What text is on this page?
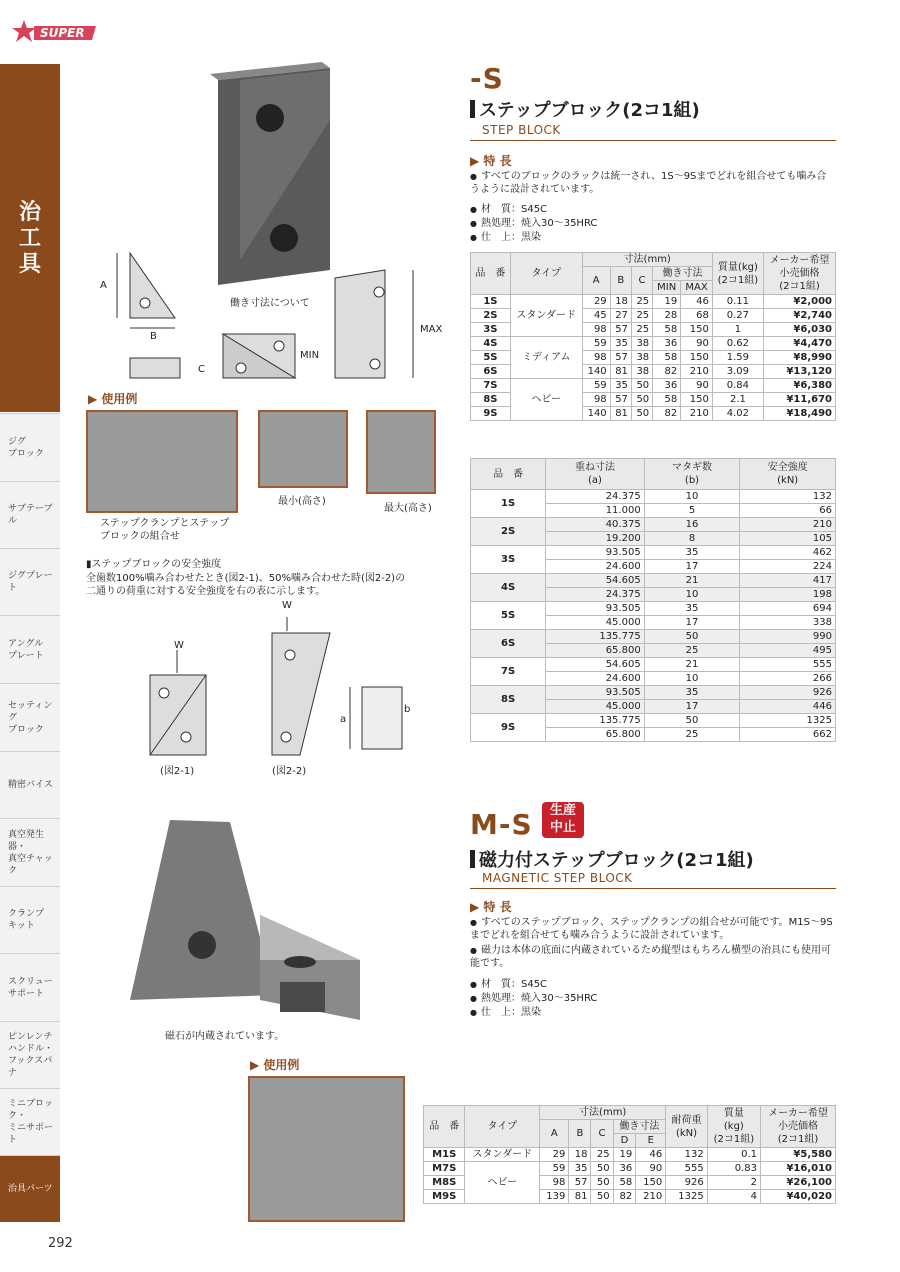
SUPER
治
工
具
ジグ
ブロック
サブテーブル
ジグプレート
アングル
プレート
セッティング
ブロック
精密バイス
真空発生器・
真空チャック
クランプ
キット
スクリュー
サポート
ピンレンチ
ハンドル・
フックスパナ
ミニブロック・
ミニサポート
治具パーツ
292
-S
ステップブロック(2コ1組)
STEP BLOCK
▶ 特 長
● すべてのブロックのラックは統一され、1S～9Sまでどれを組合せても噛み合うように設計されています。
● 材　質：S45C
● 熱処理：焼入30～35HRC
● 仕　上：黒染
A
B
C
MIN
MAX
働き寸法について
▶ 使用例
ステップクランプとステップブロックの組合せ
最小(高さ)
最大(高さ)
▮ステップブロックの安全強度
全歯数100%噛み合わせたとき(図2-1)、50%噛み合わせた時(図2-2)の二通りの荷重に対する安全強度を右の表に示します。
W
W
(図2-1)	(図2-2)
a
b
品　番	タイプ	寸法(mm)					質量(kg)
(2コ1組)	メーカー希望
小売価格
(2コ1組)
		A	B	C	働き寸法			
					MIN	MAX		
1S	スタンダード	29	18	25	19	46	0.11	¥2,000
2S		45	27	25	28	68	0.27	¥2,740
3S		98	57	25	58	150	1	¥6,030
4S	ミディアム	59	35	38	36	90	0.62	¥4,470
5S		98	57	38	58	150	1.59	¥8,990
6S		140	81	38	82	210	3.09	¥13,120
7S	ヘビー	59	35	50	36	90	0.84	¥6,380
8S		98	57	50	58	150	2.1	¥11,670
9S		140	81	50	82	210	4.02	¥18,490
品　番	重ね寸法
(a)	マタギ数
(b)	安全強度
(kN)
1S	24.375	10	132
	11.000	5	66
2S	40.375	16	210
	19.200	8	105
3S	93.505	35	462
	24.600	17	224
4S	54.605	21	417
	24.375	10	198
5S	93.505	35	694
	45.000	17	338
6S	135.775	50	990
	65.800	25	495
7S	54.605	21	555
	24.600	10	266
8S	93.505	35	926
	45.000	17	446
9S	135.775	50	1325
	65.800	25	662
M-S	生産
中止
磁力付ステップブロック(2コ1組)
MAGNETIC STEP BLOCK
▶ 特 長
● すべてのステップブロック、ステップクランプの組合せが可能です。M1S～9Sまでどれを組合せても噛み合うように設計されています。
● 磁力は本体の底面に内蔵されているため縦型はもちろん横型の治具にも使用可能です。
● 材　質：S45C
● 熱処理：焼入30～35HRC
● 仕　上：黒染
磁石が内蔵されています。
▶ 使用例
品　番	タイプ	寸法(mm)					耐荷重
(kN)	質量
(kg)
(2コ1組)	メーカー希望
小売価格
(2コ1組)
		A	B	C	働き寸法				
					D	E			
M1S	スタンダード	29	18	25	19	46	132	0.1	¥5,580
M7S	ヘビー	59	35	50	36	90	555	0.83	¥16,010
M8S		98	57	50	58	150	926	2	¥26,100
M9S		139	81	50	82	210	1325	4	¥40,020
